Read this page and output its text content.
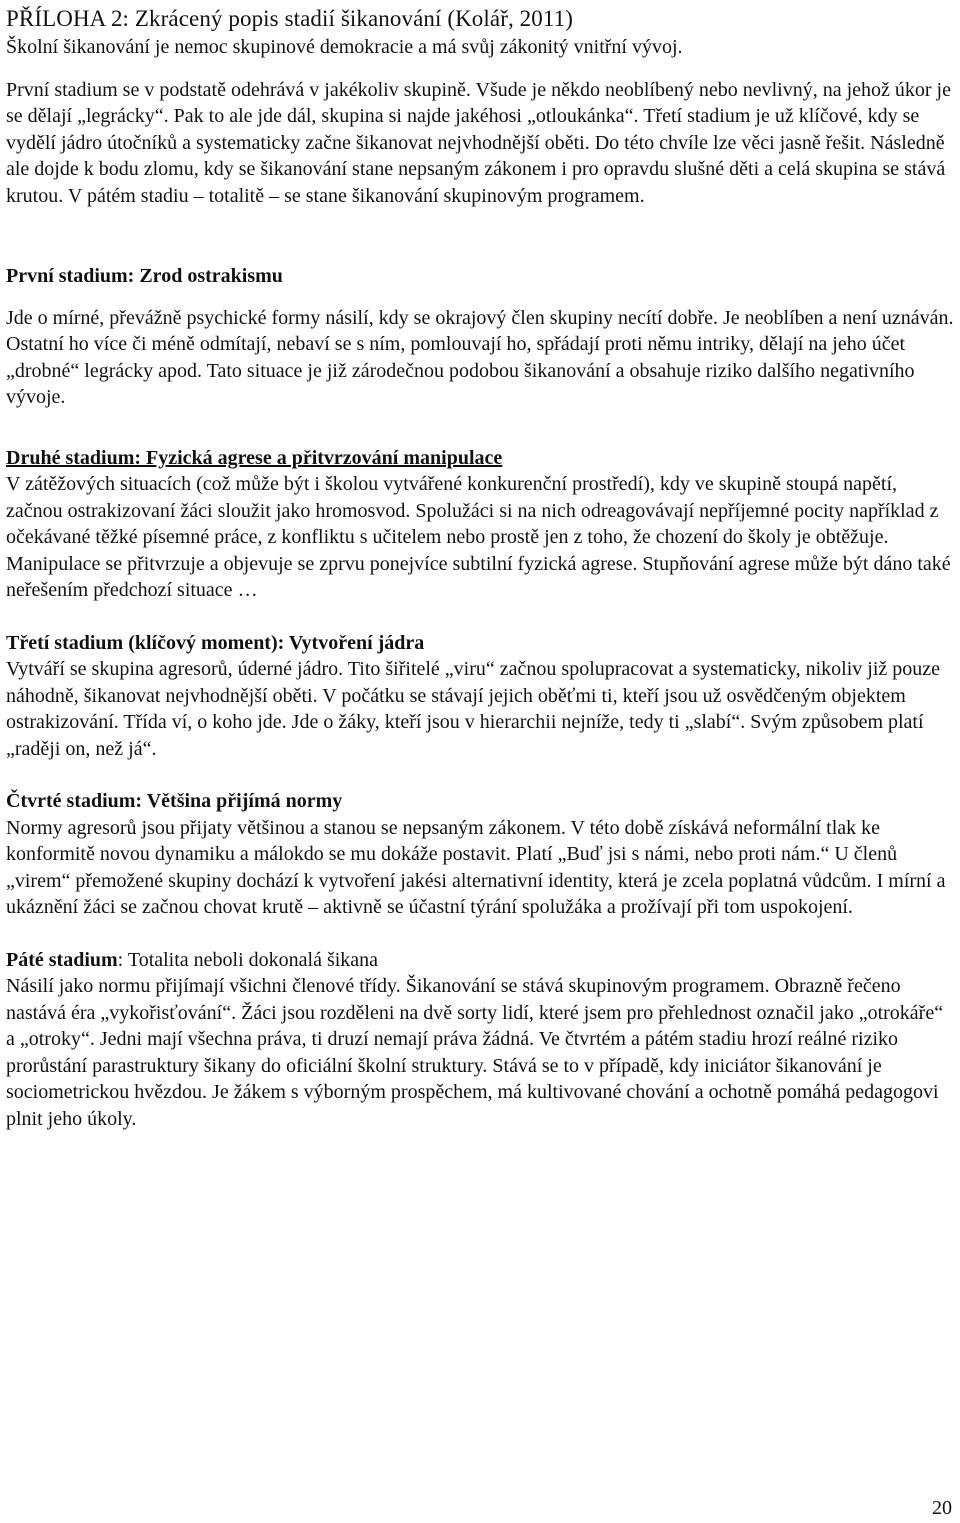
PŘÍLOHA 2: Zkrácený popis stadií šikanování (Kolář, 2011)

Školní šikanování je nemoc skupinové demokracie a má svůj zákonitý vnitřní vývoj.

První stadium se v podstatě odehrává v jakékoliv skupině. Všude je někdo neoblíbený nebo nevlivný, na jehož úkor je se dělají „legrácky“. Pak to ale jde dál, skupina si najde jakéhosi „otloukánka“. Třetí stadium je už klíčové, kdy se vydělí jádro útočníků a systematicky začne šikanovat nejvhodnější oběti. Do této chvíle lze věci jasně řešit. Následně ale dojde k bodu zlomu, kdy se šikanování stane nepsaným zákonem i pro opravdu slušné děti a celá skupina se stává krutou. V pátém stadiu – totalitě – se stane šikanování skupinovým programem.

První stadium: Zrod ostrakismu

Jde o mírné, převážně psychické formy násilí, kdy se okrajový člen skupiny necítí dobře. Je neoblíben a není uznáván. Ostatní ho více či méně odmítají, nebaví se s ním, pomlouvají ho, spřádají proti němu intriky, dělají na jeho účet „drobné“ legrácky apod. Tato situace je již zárodečnou podobou šikanování a obsahuje riziko dalšího negativního vývoje.

Druhé stadium: Fyzická agrese a přitvrzování manipulace

V zátěžových situacích (což může být i školou vytvářené konkurenční prostředí), kdy ve skupině stoupá napětí, začnou ostrakizovaní žáci sloužit jako hromosvod. Spolužáci si na nich odreagovávají nepříjemné pocity například z očekávané těžké písemné práce, z konfliktu s učitelem nebo prostě jen z toho, že chození do školy je obtěžuje. Manipulace se přitvrzuje a objevuje se zprvu ponejvíce subtilní fyzická agrese. Stupňování agrese může být dáno také neřešením předchozí situace …

Třetí stadium (klíčový moment): Vytvoření jádra

Vytváří se skupina agresorů, úderné jádro. Tito šiřitelé „viru“ začnou spolupracovat a systematicky, nikoliv již pouze náhodně, šikanovat nejvhodnější oběti. V počátku se stávají jejich oběťmi ti, kteří jsou už osvědčeným objektem ostrakizování. Třída ví, o koho jde. Jde o žáky, kteří jsou v hierarchii nejníže, tedy ti „slabí“. Svým způsobem platí „raději on, než já“.

Čtvrté stadium: Většina přijímá normy

Normy agresorů jsou přijaty většinou a stanou se nepsaným zákonem. V této době získává neformální tlak ke konformitě novou dynamiku a málokdo se mu dokáže postavit. Platí „Buď jsi s námi, nebo proti nám.“ U členů „virem“ přemožené skupiny dochází k vytvoření jakési alternativní identity, která je zcela poplatná vůdcům. I mírní a ukáznění žáci se začnou chovat krutě – aktivně se účastní týrání spolužáka a prožívají při tom uspokojení.

Páté stadium: Totalita neboli dokonalá šikana

Násilí jako normu přijímají všichni členové třídy. Šikanování se stává skupinovým programem. Obrazně řečeno nastává éra „vykořisťování“. Žáci jsou rozděleni na dvě sorty lidí, které jsem pro přehlednost označil jako „otrokáře“ a „otroky“. Jedni mají všechna práva, ti druzí nemají práva žádná. Ve čtvrtém a pátém stadiu hrozí reálné riziko prorůstání parastruktury šikany do oficiální školní struktury. Stává se to v případě, kdy iniciátor šikanování je sociometrickou hvězdou. Je žákem s výborným prospěchem, má kultivované chování a ochotně pomáhá pedagogovi plnit jeho úkoly.

20
